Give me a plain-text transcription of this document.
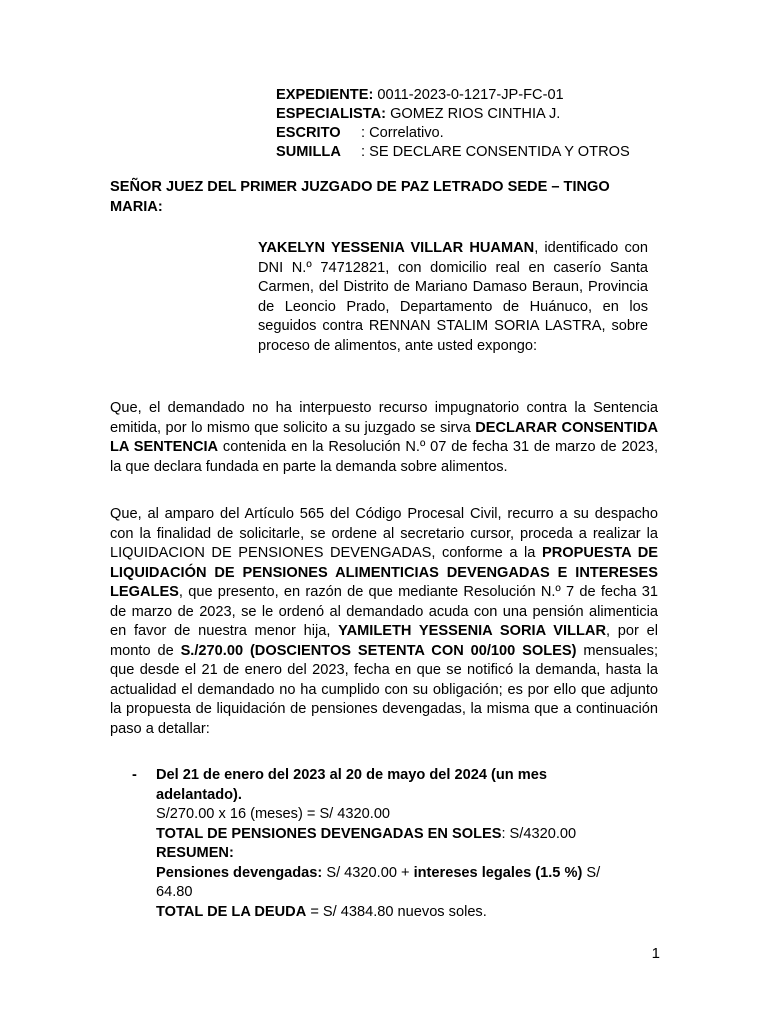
EXPEDIENTE: 0011-2023-0-1217-JP-FC-01
ESPECIALISTA: GOMEZ RIOS CINTHIA J.
ESCRITO : Correlativo.
SUMILLA : SE DECLARE CONSENTIDA Y OTROS
SEÑOR JUEZ DEL PRIMER JUZGADO DE PAZ LETRADO SEDE – TINGO MARIA:
YAKELYN YESSENIA VILLAR HUAMAN, identificado con DNI N.º 74712821, con domicilio real en caserío Santa Carmen, del Distrito de Mariano Damaso Beraun, Provincia de Leoncio Prado, Departamento de Huánuco, en los seguidos contra RENNAN STALIM SORIA LASTRA, sobre proceso de alimentos, ante usted expongo:
Que, el demandado no ha interpuesto recurso impugnatorio contra la Sentencia emitida, por lo mismo que solicito a su juzgado se sirva DECLARAR CONSENTIDA LA SENTENCIA contenida en la Resolución N.º 07 de fecha 31 de marzo de 2023, la que declara fundada en parte la demanda sobre alimentos.
Que, al amparo del Artículo 565 del Código Procesal Civil, recurro a su despacho con la finalidad de solicitarle, se ordene al secretario cursor, proceda a realizar la LIQUIDACION DE PENSIONES DEVENGADAS, conforme a la PROPUESTA DE LIQUIDACIÓN DE PENSIONES ALIMENTICIAS DEVENGADAS E INTERESES LEGALES, que presento, en razón de que mediante Resolución N.º 7 de fecha 31 de marzo de 2023, se le ordenó al demandado acuda con una pensión alimenticia en favor de nuestra menor hija, YAMILETH YESSENIA SORIA VILLAR, por el monto de S./270.00 (DOSCIENTOS SETENTA CON 00/100 SOLES) mensuales; que desde el 21 de enero del 2023, fecha en que se notificó la demanda, hasta la actualidad el demandado no ha cumplido con su obligación; es por ello que adjunto la propuesta de liquidación de pensiones devengadas, la misma que a continuación paso a detallar:
- Del 21 de enero del 2023 al 20 de mayo del 2024 (un mes adelantado).
S/270.00 x 16 (meses) = S/ 4320.00
TOTAL DE PENSIONES DEVENGADAS EN SOLES: S/4320.00
RESUMEN:
Pensiones devengadas: S/ 4320.00 + intereses legales (1.5 %) S/ 64.80
TOTAL DE LA DEUDA = S/ 4384.80 nuevos soles.
1
